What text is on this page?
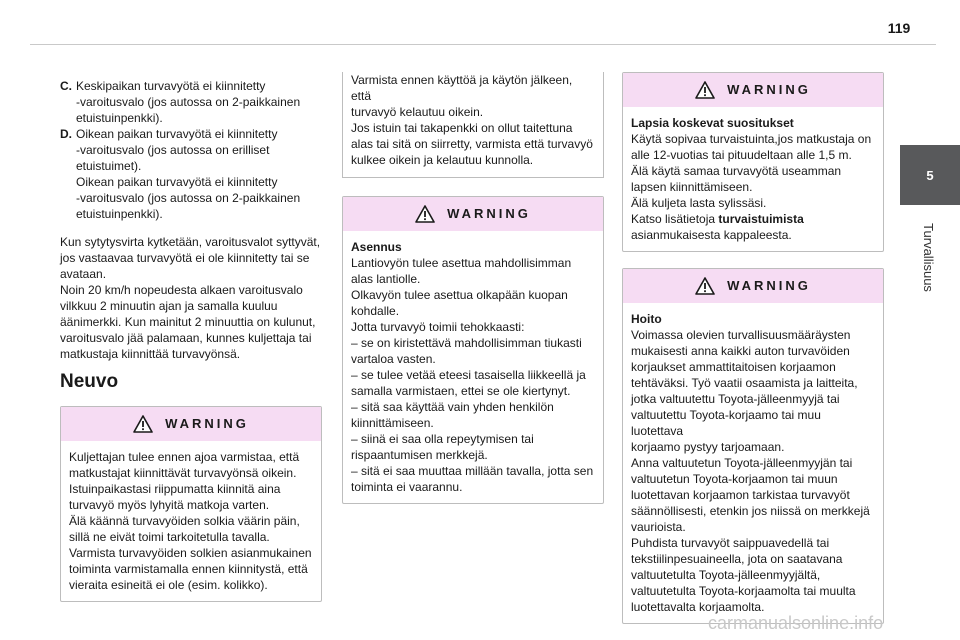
119
5
Turvallisuus
C. Keskipaikan turvavyötä ei kiinnitetty
-varoitusvalo (jos autossa on 2-paikkainen
etuistuinpenkki).
D. Oikean paikan turvavyötä ei kiinnitetty
-varoitusvalo (jos autossa on erilliset
etuistuimet).
Oikean paikan turvavyötä ei kiinnitetty
-varoitusvalo (jos autossa on 2-paikkainen
etuistuinpenkki).
Kun sytytysvirta kytketään, varoitusvalot syttyvät,
jos vastaavaa turvavyötä ei ole kiinnitetty tai se
avataan.
Noin 20 km/h nopeudesta alkaen varoitusvalo
vilkkuu 2 minuutin ajan ja samalla kuuluu
äänimerkki. Kun mainitut 2 minuuttia on kulunut,
varoitusvalo jää palamaan, kunnes kuljettaja tai
matkustaja kiinnittää turvavyönsä.
Neuvo
WARNING
Kuljettajan tulee ennen ajoa varmistaa, että
matkustajat kiinnittävät turvavyönsä oikein.
Istuinpaikastasi riippumatta kiinnitä aina
turvavyö myös lyhyitä matkoja varten.
Älä käännä turvavyöiden solkia väärin päin,
sillä ne eivät toimi tarkoitetulla tavalla.
Varmista turvavyöiden solkien asianmukainen
toiminta varmistamalla ennen kiinnitystä, että
vieraita esineitä ei ole (esim. kolikko).
Varmista ennen käyttöä ja käytön jälkeen, että
turvavyö kelautuu oikein.
Jos istuin tai takapenkki on ollut taitettuna
alas tai sitä on siirretty, varmista että turvavyö
kulkee oikein ja kelautuu kunnolla.
WARNING
Asennus
Lantiovyön tulee asettua mahdollisimman
alas lantiolle.
Olkavyön tulee asettua olkapään kuopan
kohdalle.
Jotta turvavyö toimii tehokkaasti:
– se on kiristettävä mahdollisimman tiukasti
vartaloa vasten.
– se tulee vetää eteesi tasaisella liikkeellä ja
samalla varmistaen, ettei se ole kiertynyt.
– sitä saa käyttää vain yhden henkilön
kiinnittämiseen.
– siinä ei saa olla repeytymisen tai
rispaantumisen merkkejä.
– sitä ei saa muuttaa millään tavalla, jotta sen
toiminta ei vaarannu.
WARNING
Lapsia koskevat suositukset
Käytä sopivaa turvaistuinta,jos matkustaja on
alle 12-vuotias tai pituudeltaan alle 1,5 m.
Älä käytä samaa turvavyötä useamman
lapsen kiinnittämiseen.
Älä kuljeta lasta sylissäsi.
Katso lisätietoja turvaistuimista
asianmukaisesta kappaleesta.
WARNING
Hoito
Voimassa olevien turvallisuusmääräysten
mukaisesti anna kaikki auton turvavöiden
korjaukset ammattitaitoisen korjaamon
tehtäväksi. Työ vaatii osaamista ja laitteita,
jotka valtuutettu Toyota-jälleenmyyjä tai
valtuutettu Toyota-korjaamo tai muu luotettava
korjaamo pystyy tarjoamaan.
Anna valtuutetun Toyota-jälleenmyyjän tai
valtuutetun Toyota-korjaamon tai muun
luotettavan korjaamon tarkistaa turvavyöt
säännöllisesti, etenkin jos niissä on merkkejä
vaurioista.
Puhdista turvavyöt saippuavedellä tai
tekstiilinpesuaineella, jota on saatavana
valtuutetulta Toyota-jälleenmyyjältä,
valtuutetulta Toyota-korjaamolta tai muulta
luotettavalta korjaamolta.
carmanualsonline.info
